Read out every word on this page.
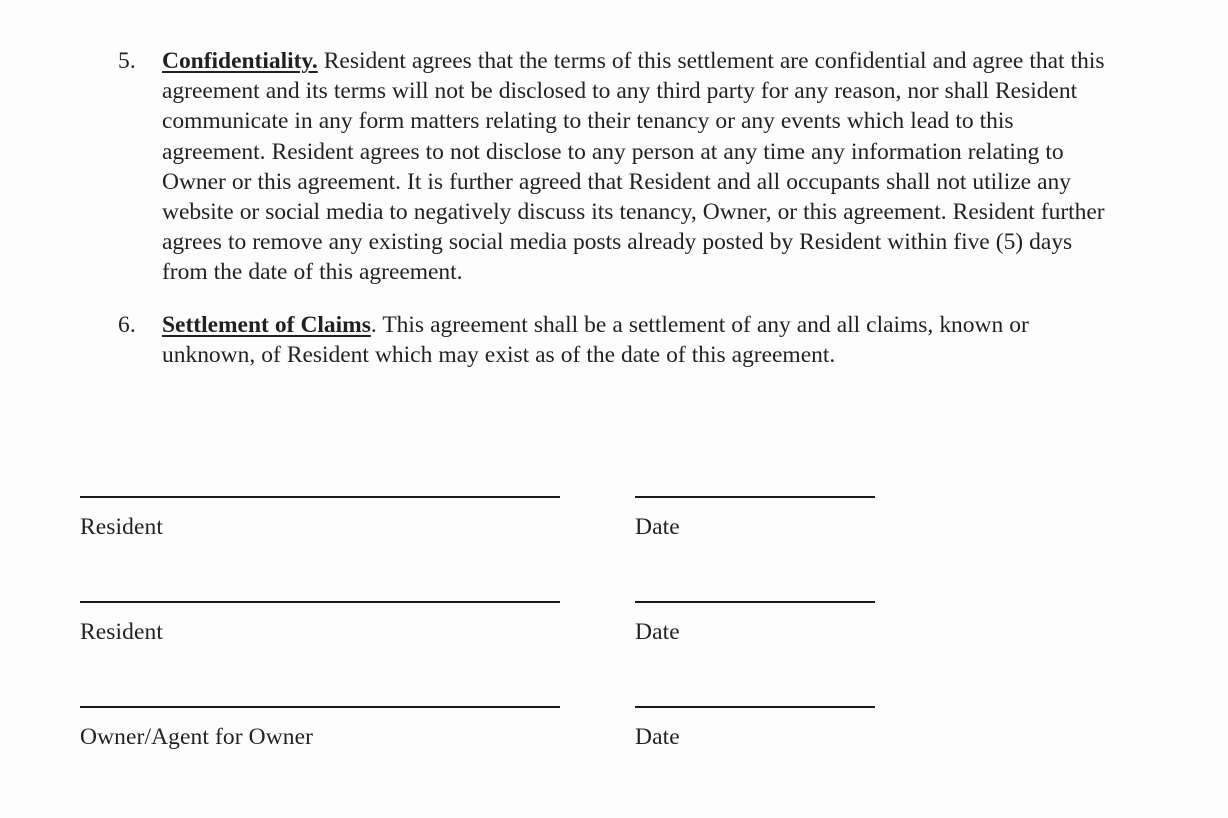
5.	Confidentiality. Resident agrees that the terms of this settlement are confidential and agree that this agreement and its terms will not be disclosed to any third party for any reason, nor shall Resident communicate in any form matters relating to their tenancy or any events which lead to this agreement. Resident agrees to not disclose to any person at any time any information relating to Owner or this agreement. It is further agreed that Resident and all occupants shall not utilize any website or social media to negatively discuss its tenancy, Owner, or this agreement. Resident further agrees to remove any existing social media posts already posted by Resident within five (5) days from the date of this agreement.
6.	Settlement of Claims. This agreement shall be a settlement of any and all claims, known or unknown, of Resident which may exist as of the date of this agreement.
Resident	Date
Resident	Date
Owner/Agent for Owner	Date
